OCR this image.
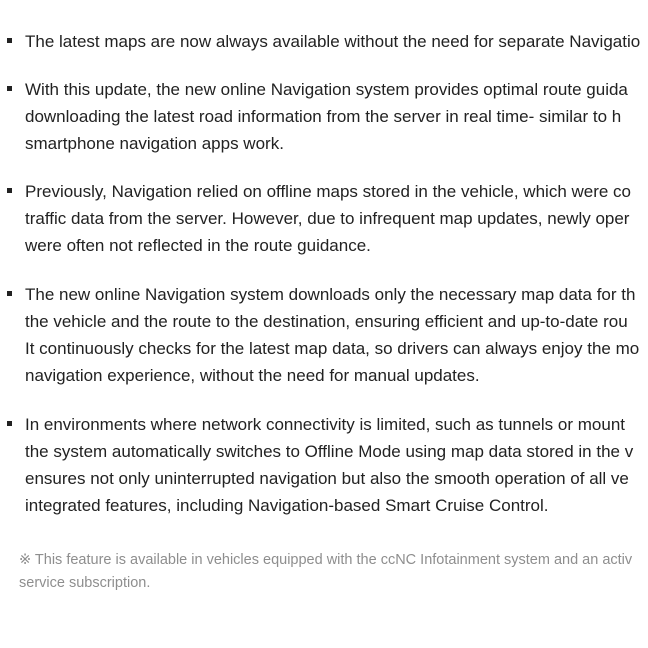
The latest maps are now always available without the need for separate Navigatio
With this update, the new online Navigation system provides optimal route guida
downloading the latest road information from the server in real time- similar to h
smartphone navigation apps work.
Previously, Navigation relied on offline maps stored in the vehicle, which were co
traffic data from the server. However, due to infrequent map updates, newly oper
were often not reflected in the route guidance.
The new online Navigation system downloads only the necessary map data for th
the vehicle and the route to the destination, ensuring efficient and up-to-date rou
It continuously checks for the latest map data, so drivers can always enjoy the mo
navigation experience, without the need for manual updates.
In environments where network connectivity is limited, such as tunnels or mount
the system automatically switches to Offline Mode using map data stored in the v
ensures not only uninterrupted navigation but also the smooth operation of all ve
integrated features, including Navigation-based Smart Cruise Control.
※ This feature is available in vehicles equipped with the ccNC Infotainment system and an activ
service subscription.
